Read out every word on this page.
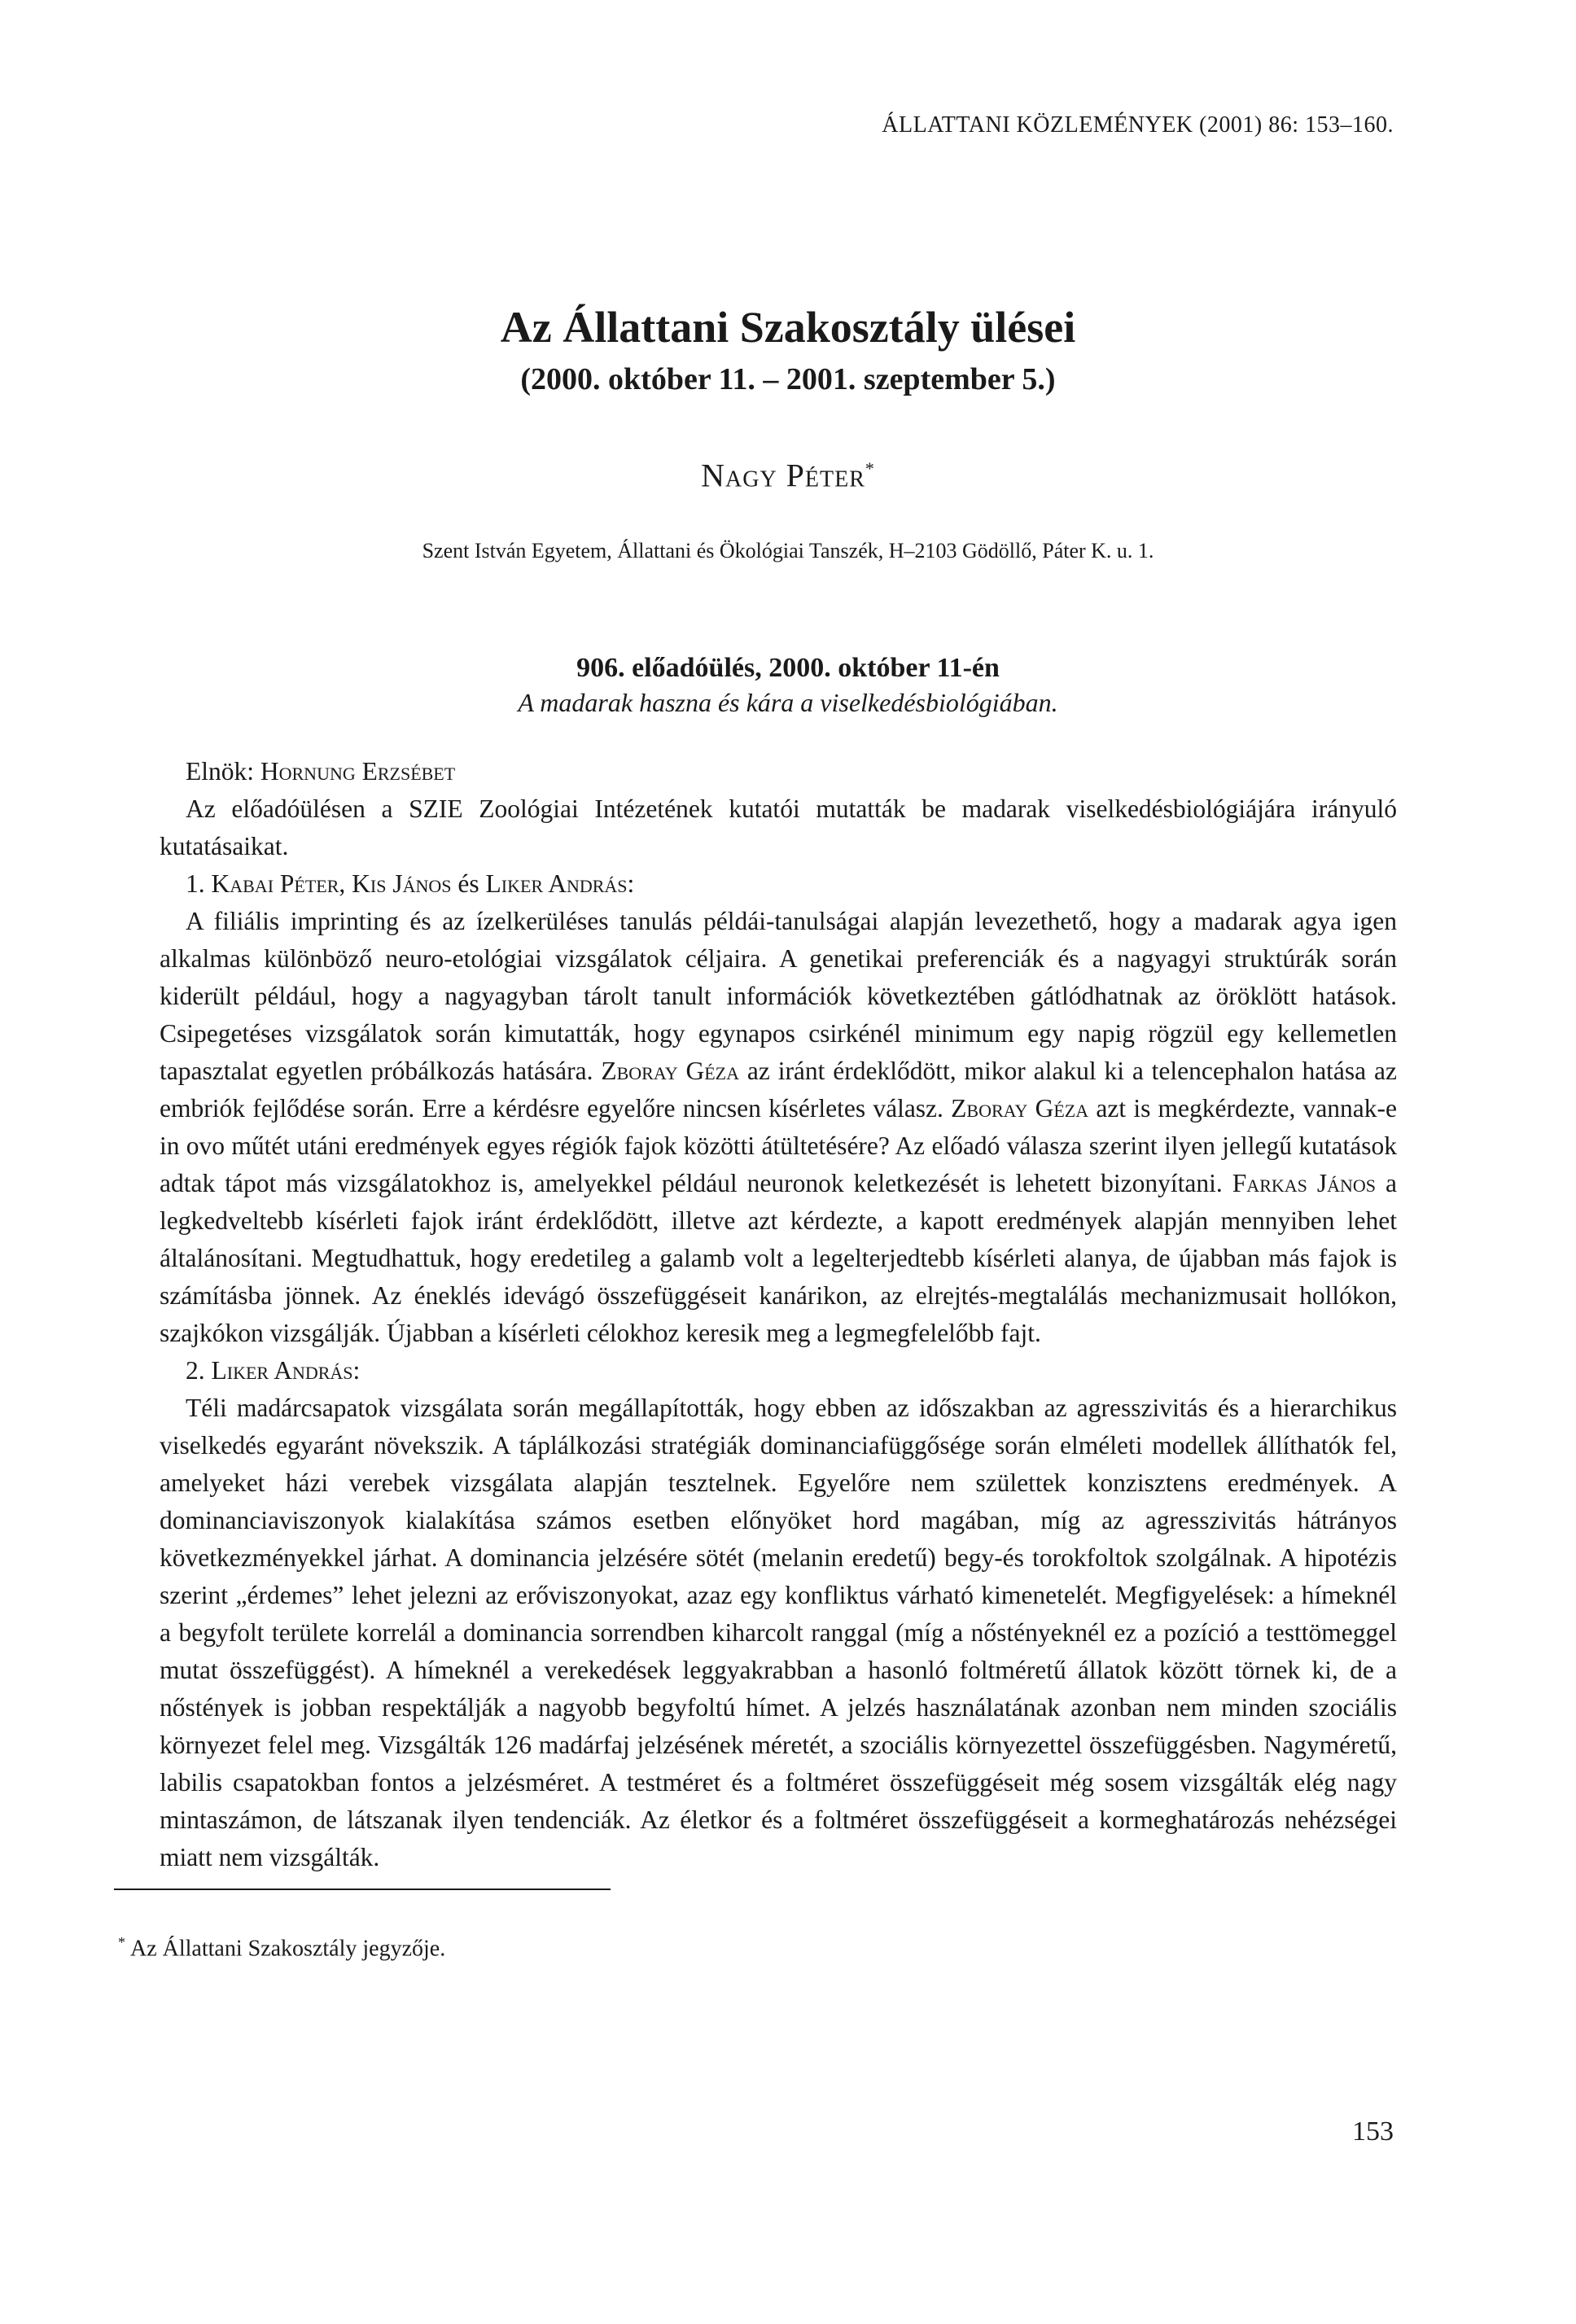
ÁLLATTANI KÖZLEMÉNYEK (2001) 86: 153–160.
Az Állattani Szakosztály ülései
(2000. október 11. – 2001. szeptember 5.)
Nagy Péter*
Szent István Egyetem, Állattani és Ökológiai Tanszék, H–2103 Gödöllő, Páter K. u. 1.
906. előadóülés, 2000. október 11-én
A madarak haszna és kára a viselkedésbiológiában.

Elnök: Hornung Erzsébet

Az előadóülésen a SZIE Zoológiai Intézetének kutatói mutatták be madarak viselkedésbiológiájára irányuló kutatásaikat.

1. Kabai Péter, Kis János és Liker András:

A filiális imprinting és az ízelkerüléses tanulás példái-tanulságai alapján levezethető, hogy a madarak agya igen alkalmas különböző neuro-etológiai vizsgálatok céljaira. A genetikai preferenciák és a nagyagyi struktúrák során kiderült például, hogy a nagyagyban tárolt tanult információk következtében gátlódhatnak az öröklött hatások. Csipegetéses vizsgálatok során kimutatták, hogy egynapos csirkénél minimum egy napig rögzül egy kellemetlen tapasztalat egyetlen próbálkozás hatására. Zboray Géza az iránt érdeklődött, mikor alakul ki a telencephalon hatása az embriók fejlődése során. Erre a kérdésre egyelőre nincsen kísérletes válasz. Zboray Géza azt is megkérdezte, vannak-e in ovo műtét utáni eredmények egyes régiók fajok közötti átültetésére? Az előadó válasza szerint ilyen jellegű kutatások adtak tápot más vizsgálatokhoz is, amelyekkel például neuronok keletkezését is lehetett bizonyítani. Farkas János a legkedveltebb kísérleti fajok iránt érdeklődött, illetve azt kérdezte, a kapott eredmények alapján mennyiben lehet általánosítani. Megtudhattuk, hogy eredetileg a galamb volt a legelterjedtebb kísérleti alanya, de újabban más fajok is számításba jönnek. Az éneklés idevágó összefüggéseit kanárikon, az elrejtés-megtalálás mechanizmusait hollókon, szajkókon vizsgálják. Újabban a kísérleti célokhoz keresik meg a legmegfelelőbb fajt.

2. Liker András:

Téli madárcsapatok vizsgálata során megállapították, hogy ebben az időszakban az agresszivitás és a hierarchikus viselkedés egyaránt növekszik. A táplálkozási stratégiák dominanciafüggősége során elméleti modellek állíthatók fel, amelyeket házi verebek vizsgálata alapján tesztelnek. Egyelőre nem születtek konzisztens eredmények. A dominanciaviszonyok kialakítása számos esetben előnyöket hord magában, míg az agresszivitás hátrányos következményekkel járhat. A dominancia jelzésére sötét (melanin eredetű) begy-és torokfoltok szolgálnak. A hipotézis szerint „érdemes” lehet jelezni az erőviszonyokat, azaz egy konfliktus várható kimenetelét. Megfigyelések: a hímeknél a begyfolt területe korrelál a dominancia sorrendben kiharcolt ranggal (míg a nőstényeknél ez a pozíció a testtömeggel mutat összefüggést). A hímeknél a verekedések leggyakrabban a hasonló foltméretű állatok között törnek ki, de a nőstények is jobban respektálják a nagyobb begyfoltú hímet. A jelzés használatának azonban nem minden szociális környezet felel meg. Vizsgálták 126 madárfaj jelzésének méretét, a szociális környezettel összefüggésben. Nagyméretű, labilis csapatokban fontos a jelzésméret. A testméret és a foltméret összefüggéseit még sosem vizsgálták elég nagy mintaszámon, de látszanak ilyen tendenciák. Az életkor és a foltméret összefüggéseit a kormeghatározás nehézségei miatt nem vizsgálták.

* Az Állattani Szakosztály jegyzője.
153
